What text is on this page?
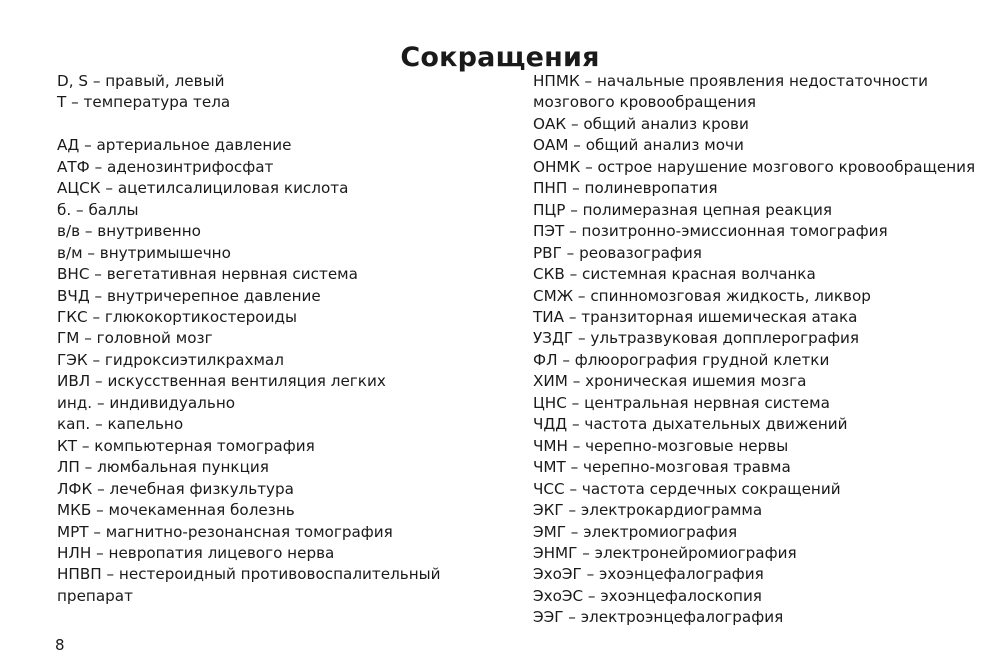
Сокращения
D, S – правый, левый
T – температура тела
АД – артериальное давление
АТФ – аденозинтрифосфат
АЦСК – ацетилсалициловая кислота
б. – баллы
в/в – внутривенно
в/м – внутримышечно
ВНС – вегетативная нервная система
ВЧД – внутричерепное давление
ГКС – глюкокортикостероиды
ГМ – головной мозг
ГЭК – гидроксиэтилкрахмал
ИВЛ – искусственная вентиляция легких
инд. – индивидуально
кап. – капельно
КТ – компьютерная томография
ЛП – люмбальная пункция
ЛФК – лечебная физкультура
МКБ – мочекаменная болезнь
МРТ – магнитно-резонансная томография
НЛН – невропатия лицевого нерва
НПВП – нестероидный противовоспалительный
препарат
НПМК – начальные проявления недостаточности
мозгового кровообращения
ОАК – общий анализ крови
ОАМ – общий анализ мочи
ОНМК – острое нарушение мозгового кровообращения
ПНП – полиневропатия
ПЦР – полимеразная цепная реакция
ПЭТ – позитронно-эмиссионная томография
РВГ – реовазография
СКВ – системная красная волчанка
СМЖ – спинномозговая жидкость, ликвор
ТИА – транзиторная ишемическая атака
УЗДГ – ультразвуковая допплерография
ФЛ – флюорография грудной клетки
ХИМ – хроническая ишемия мозга
ЦНС – центральная нервная система
ЧДД – частота дыхательных движений
ЧМН – черепно-мозговые нервы
ЧМТ – черепно-мозговая травма
ЧСС – частота сердечных сокращений
ЭКГ – электрокардиограмма
ЭМГ – электромиография
ЭНМГ – электронейромиография
ЭхоЭГ – эхоэнцефалография
ЭхоЭС – эхоэнцефалоскопия
ЭЭГ – электроэнцефалография
8
